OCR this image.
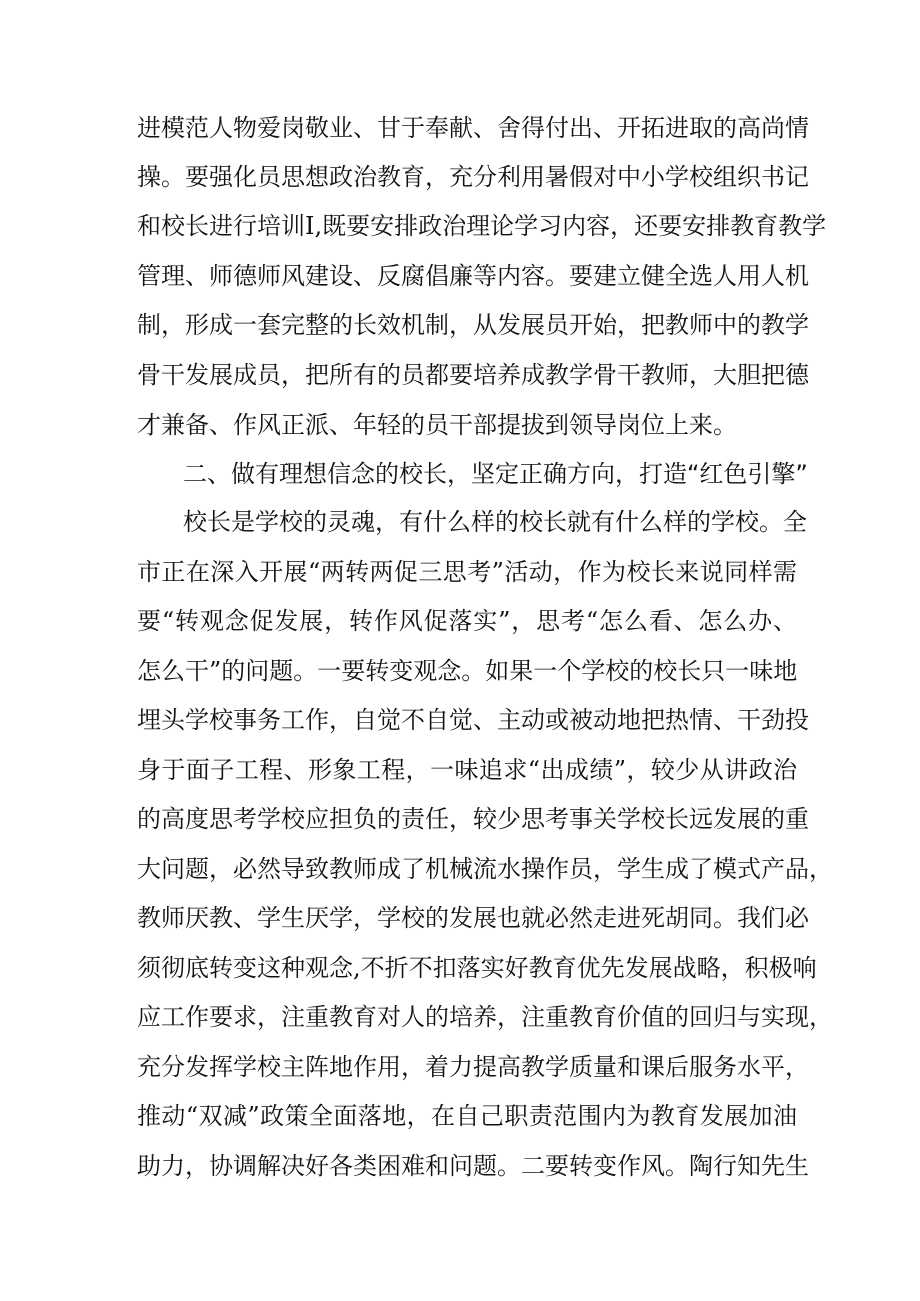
进模范人物爱岗敬业、甘于奉献、舍得付出、开拓进取的高尚情
操。要强化员思想政治教育，充分利用暑假对中小学校组织书记
和校长进行培训I,既要安排政治理论学习内容，还要安排教育教学
管理、师德师风建设、反腐倡廉等内容。要建立健全选人用人机
制，形成一套完整的长效机制，从发展员开始，把教师中的教学
骨干发展成员，把所有的员都要培养成教学骨干教师，大胆把德
才兼备、作风正派、年轻的员干部提拔到领导岗位上来。
二、做有理想信念的校长，坚定正确方向，打造“红色引擎”
校长是学校的灵魂，有什么样的校长就有什么样的学校。全
市正在深入开展“两转两促三思考”活动，作为校长来说同样需
要“转观念促发展，转作风促落实”，思考“怎么看、怎么办、
怎么干”的问题。一要转变观念。如果一个学校的校长只一味地
埋头学校事务工作，自觉不自觉、主动或被动地把热情、干劲投
身于面子工程、形象工程，一味追求“出成绩”，较少从讲政治
的高度思考学校应担负的责任，较少思考事关学校长远发展的重
大问题，必然导致教师成了机械流水操作员，学生成了模式产品，
教师厌教、学生厌学，学校的发展也就必然走进死胡同。我们必
须彻底转变这种观念,不折不扣落实好教育优先发展战略，积极响
应工作要求，注重教育对人的培养，注重教育价值的回归与实现，
充分发挥学校主阵地作用，着力提高教学质量和课后服务水平，
推动“双减”政策全面落地，在自己职责范围内为教育发展加油
助力，协调解决好各类困难和问题。二要转变作风。陶行知先生
